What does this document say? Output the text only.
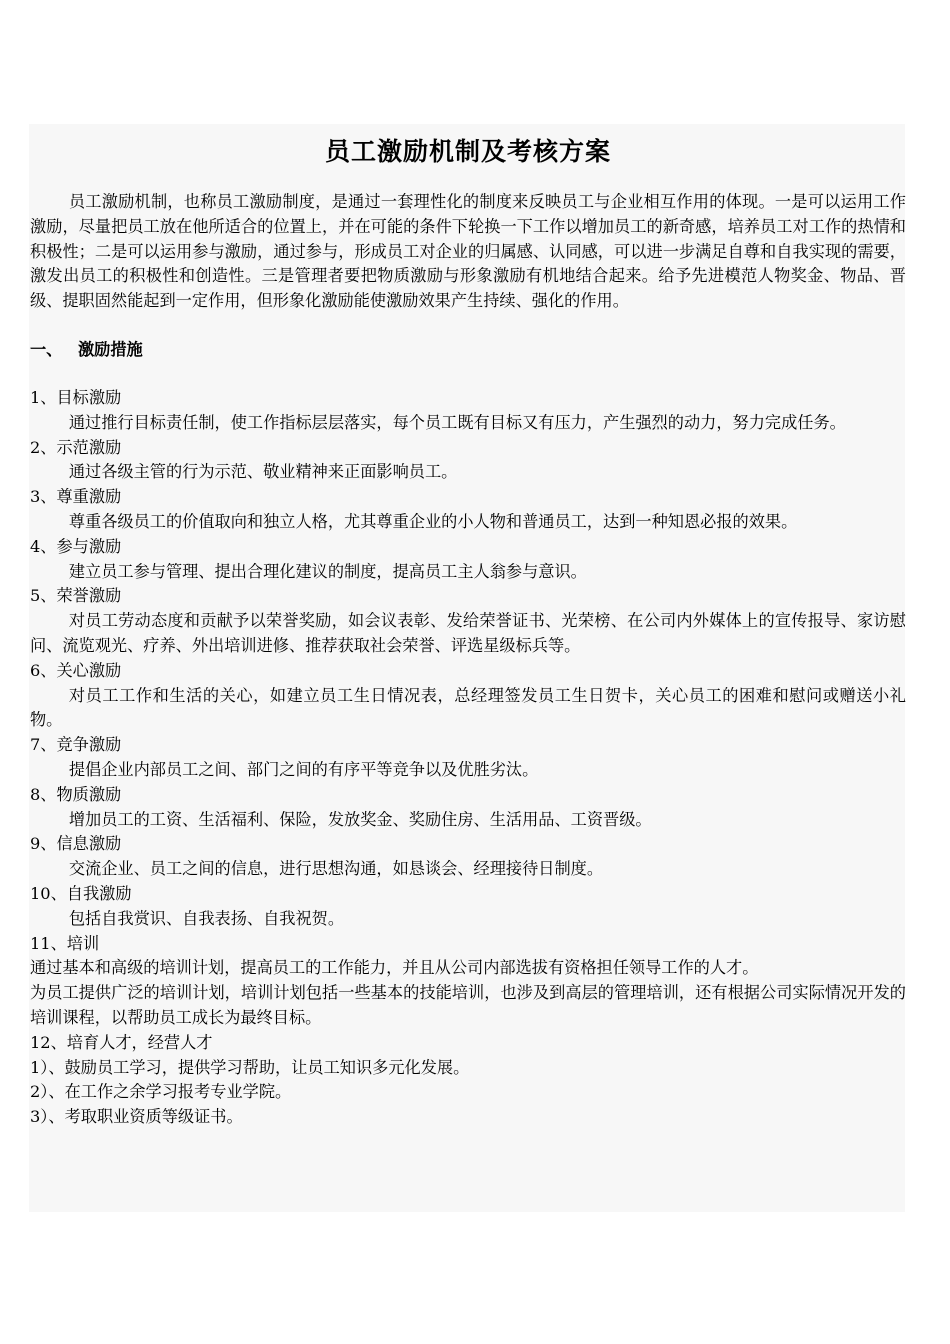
员工激励机制及考核方案

员工激励机制，也称员工激励制度，是通过一套理性化的制度来反映员工与企业相互作用的体现。一是可以运用工作激励，尽量把员工放在他所适合的位置上，并在可能的条件下轮换一下工作以增加员工的新奇感，培养员工对工作的热情和积极性；二是可以运用参与激励，通过参与，形成员工对企业的归属感、认同感，可以进一步满足自尊和自我实现的需要，激发出员工的积极性和创造性。三是管理者要把物质激励与形象激励有机地结合起来。给予先进模范人物奖金、物品、晋级、提职固然能起到一定作用，但形象化激励能使激励效果产生持续、强化的作用。

一、 激励措施

1、目标激励

通过推行目标责任制，使工作指标层层落实，每个员工既有目标又有压力，产生强烈的动力，努力完成任务。

2、示范激励

通过各级主管的行为示范、敬业精神来正面影响员工。

3、尊重激励

尊重各级员工的价值取向和独立人格，尤其尊重企业的小人物和普通员工，达到一种知恩必报的效果。

4、参与激励

建立员工参与管理、提出合理化建议的制度，提高员工主人翁参与意识。

5、荣誉激励

对员工劳动态度和贡献予以荣誉奖励，如会议表彰、发给荣誉证书、光荣榜、在公司内外媒体上的宣传报导、家访慰问、流览观光、疗养、外出培训进修、推荐获取社会荣誉、评选星级标兵等。

6、关心激励

对员工工作和生活的关心，如建立员工生日情况表，总经理签发员工生日贺卡，关心员工的困难和慰问或赠送小礼物。

7、竞争激励

提倡企业内部员工之间、部门之间的有序平等竞争以及优胜劣汰。

8、物质激励

增加员工的工资、生活福利、保险，发放奖金、奖励住房、生活用品、工资晋级。

9、信息激励

交流企业、员工之间的信息，进行思想沟通，如恳谈会、经理接待日制度。

10、自我激励

包括自我赏识、自我表扬、自我祝贺。

11、培训

通过基本和高级的培训计划，提高员工的工作能力，并且从公司内部选拔有资格担任领导工作的人才。

为员工提供广泛的培训计划，培训计划包括一些基本的技能培训，也涉及到高层的管理培训，还有根据公司实际情况开发的培训课程，以帮助员工成长为最终目标。

12、培育人才，经营人才

1）、鼓励员工学习，提供学习帮助，让员工知识多元化发展。

2）、在工作之余学习报考专业学院。

3）、考取职业资质等级证书。
